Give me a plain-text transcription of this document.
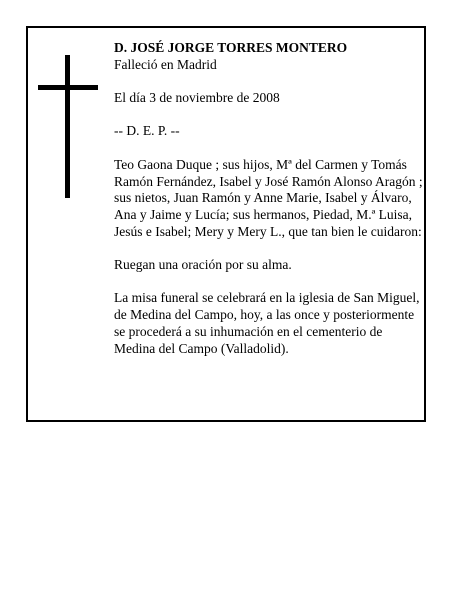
D. JOSÉ JORGE TORRES MONTERO

Falleció en Madrid

El día 3 de noviembre de 2008

-- D. E. P. --

Teo Gaona Duque ; sus hijos, Mª del Carmen y Tomás Ramón Fernández, Isabel y José Ramón Alonso Aragón ; sus nietos, Juan Ramón y Anne Marie, Isabel y Álvaro, Ana y Jaime y Lucía; sus hermanos, Piedad, M.ª Luisa, Jesús e Isabel; Mery y Mery L., que tan bien le cuidaron:

Ruegan una oración por su alma.

La misa funeral se celebrará en la iglesia de San Miguel, de Medina del Campo, hoy, a las once y posteriormente se procederá a su inhumación en el cementerio de Medina del Campo (Valladolid).
